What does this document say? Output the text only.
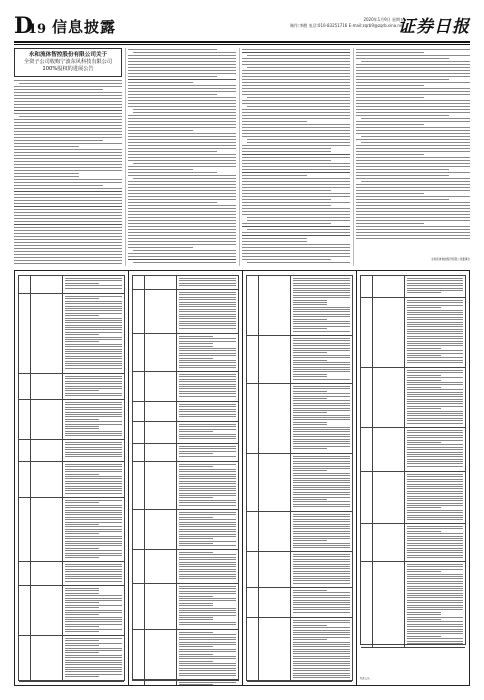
D
19 信息披露	2020年1月9日 星期五
制作:李醒 电话:010-83251716 E-mail:zqrb9@zqrb.sina.net
证券日报
永和流体智控股份有限公司关于
全资子公司收购宁波东风科技有限公司
100%股权的进展公告
永和流体智控股份有限公司董事会
特此公告。
